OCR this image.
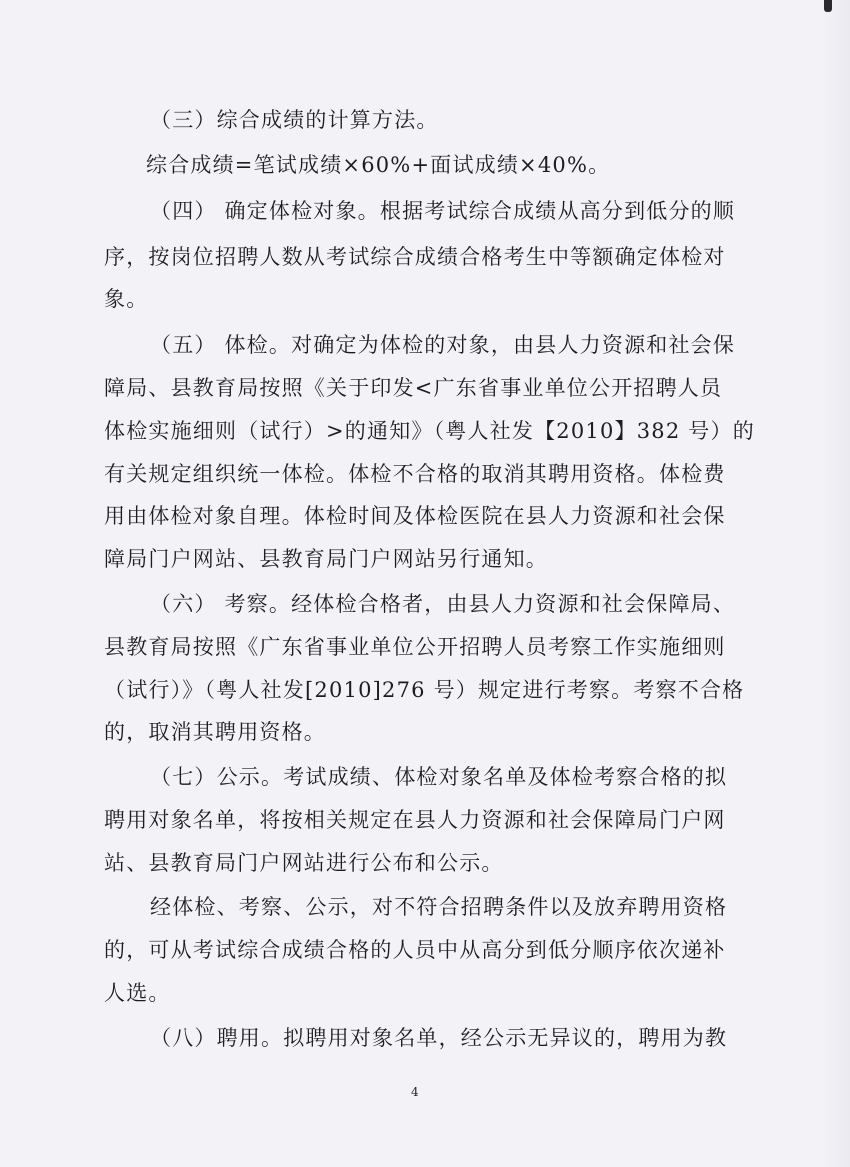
（三）综合成绩的计算方法。

综合成绩=笔试成绩×60%+面试成绩×40%。

（四） 确定体检对象。根据考试综合成绩从高分到低分的顺

序，按岗位招聘人数从考试综合成绩合格考生中等额确定体检对

象。

（五） 体检。对确定为体检的对象，由县人力资源和社会保

障局、县教育局按照《关于印发<广东省事业单位公开招聘人员

体检实施细则（试行）>的通知》（粤人社发【2010】382 号）的

有关规定组织统一体检。体检不合格的取消其聘用资格。体检费

用由体检对象自理。体检时间及体检医院在县人力资源和社会保

障局门户网站、县教育局门户网站另行通知。

（六） 考察。经体检合格者，由县人力资源和社会保障局、

县教育局按照《广东省事业单位公开招聘人员考察工作实施细则

（试行）》（粤人社发[2010]276 号）规定进行考察。考察不合格

的，取消其聘用资格。

（七）公示。考试成绩、体检对象名单及体检考察合格的拟

聘用对象名单，将按相关规定在县人力资源和社会保障局门户网

站、县教育局门户网站进行公布和公示。

经体检、考察、公示，对不符合招聘条件以及放弃聘用资格

的，可从考试综合成绩合格的人员中从高分到低分顺序依次递补

人选。

（八）聘用。拟聘用对象名单，经公示无异议的，聘用为教

4
